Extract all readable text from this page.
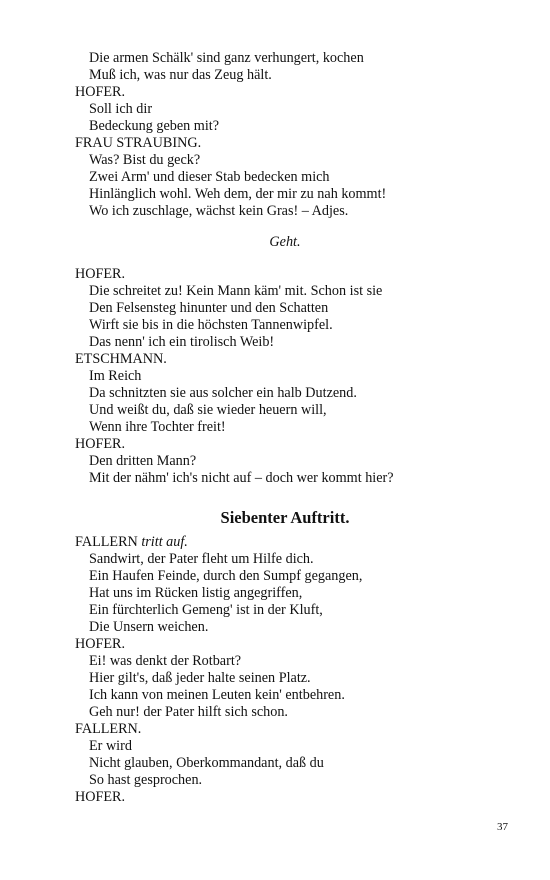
Die armen Schälk' sind ganz verhungert, kochen
Muß ich, was nur das Zeug hält.
HOFER.
Soll ich dir
Bedeckung geben mit?
FRAU STRAUBING.
Was? Bist du geck?
Zwei Arm' und dieser Stab bedecken mich
Hinlänglich wohl. Weh dem, der mir zu nah kommt!
Wo ich zuschlage, wächst kein Gras! – Adjes.
Geht.
HOFER.
Die schreitet zu! Kein Mann käm' mit. Schon ist sie
Den Felsensteg hinunter und den Schatten
Wirft sie bis in die höchsten Tannenwipfel.
Das nenn' ich ein tirolisch Weib!
ETSCHMANN.
Im Reich
Da schnitzten sie aus solcher ein halb Dutzend.
Und weißt du, daß sie wieder heuern will,
Wenn ihre Tochter freit!
HOFER.
Den dritten Mann?
Mit der nähm' ich's nicht auf – doch wer kommt hier?
Siebenter Auftritt.
FALLERN tritt auf.
Sandwirt, der Pater fleht um Hilfe dich.
Ein Haufen Feinde, durch den Sumpf gegangen,
Hat uns im Rücken listig angegriffen,
Ein fürchterlich Gemeng' ist in der Kluft,
Die Unsern weichen.
HOFER.
Ei! was denkt der Rotbart?
Hier gilt's, daß jeder halte seinen Platz.
Ich kann von meinen Leuten kein' entbehren.
Geh nur! der Pater hilft sich schon.
FALLERN.
Er wird
Nicht glauben, Oberkommandant, daß du
So hast gesprochen.
HOFER.
37
